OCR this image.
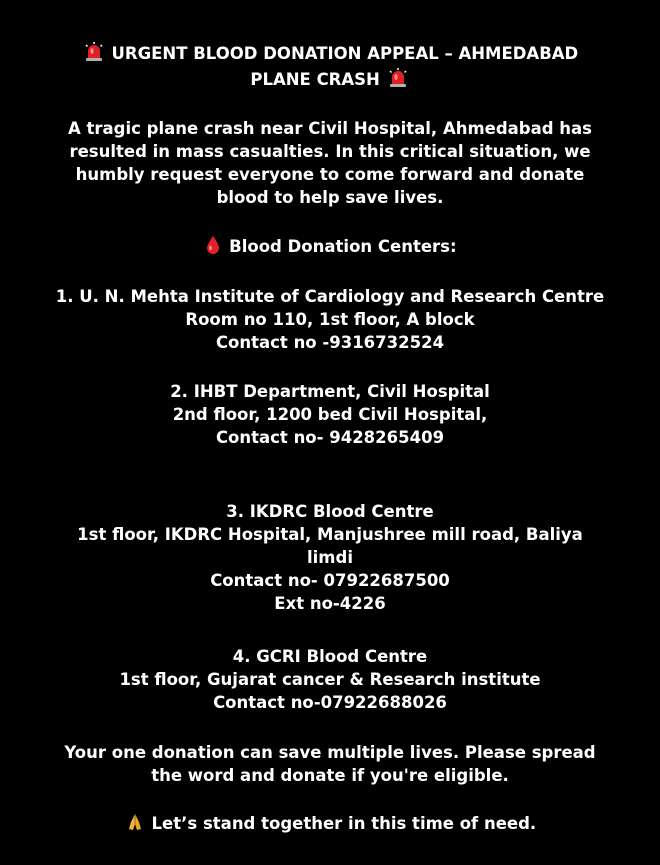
URGENT BLOOD DONATION APPEAL – AHMEDABAD
PLANE CRASH
A tragic plane crash near Civil Hospital, Ahmedabad has
resulted in mass casualties. In this critical situation, we
humbly request everyone to come forward and donate
blood to help save lives.
Blood Donation Centers:
1. U. N. Mehta Institute of Cardiology and Research Centre
Room no 110, 1st floor, A block
Contact no -9316732524
2. IHBT Department, Civil Hospital
2nd floor, 1200 bed Civil Hospital,
Contact no- 9428265409
3. IKDRC Blood Centre
1st floor, IKDRC Hospital, Manjushree mill road, Baliya
limdi
Contact no- 07922687500
Ext no-4226
4. GCRI Blood Centre
1st floor, Gujarat cancer & Research institute
Contact no-07922688026
Your one donation can save multiple lives. Please spread
the word and donate if you're eligible.
Let’s stand together in this time of need.
